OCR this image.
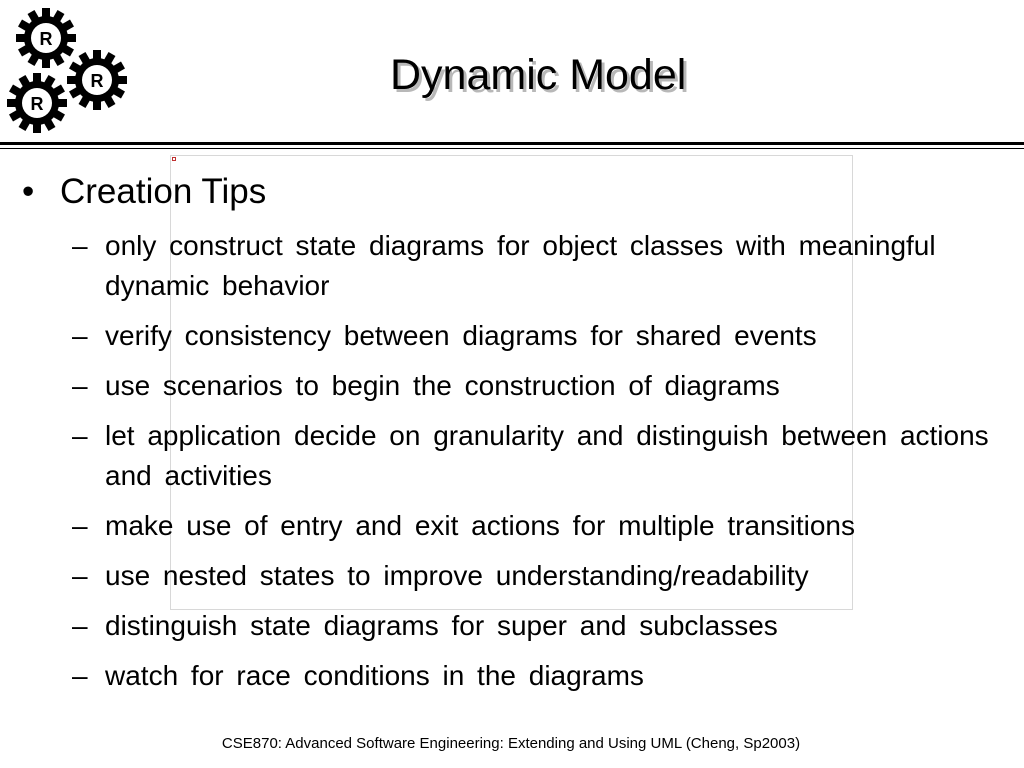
R
R
R
Dynamic Model
• Creation Tips
– only construct state diagrams for object classes with meaningful dynamic behavior
– verify consistency between diagrams for shared events
– use scenarios to begin the construction of diagrams
– let application decide on granularity and distinguish between actions and activities
– make use of entry and exit actions for multiple transitions
– use nested states to improve understanding/readability
– distinguish state diagrams for super and subclasses
– watch for race conditions in the diagrams
CSE870: Advanced Software Engineering: Extending and Using UML (Cheng, Sp2003)
